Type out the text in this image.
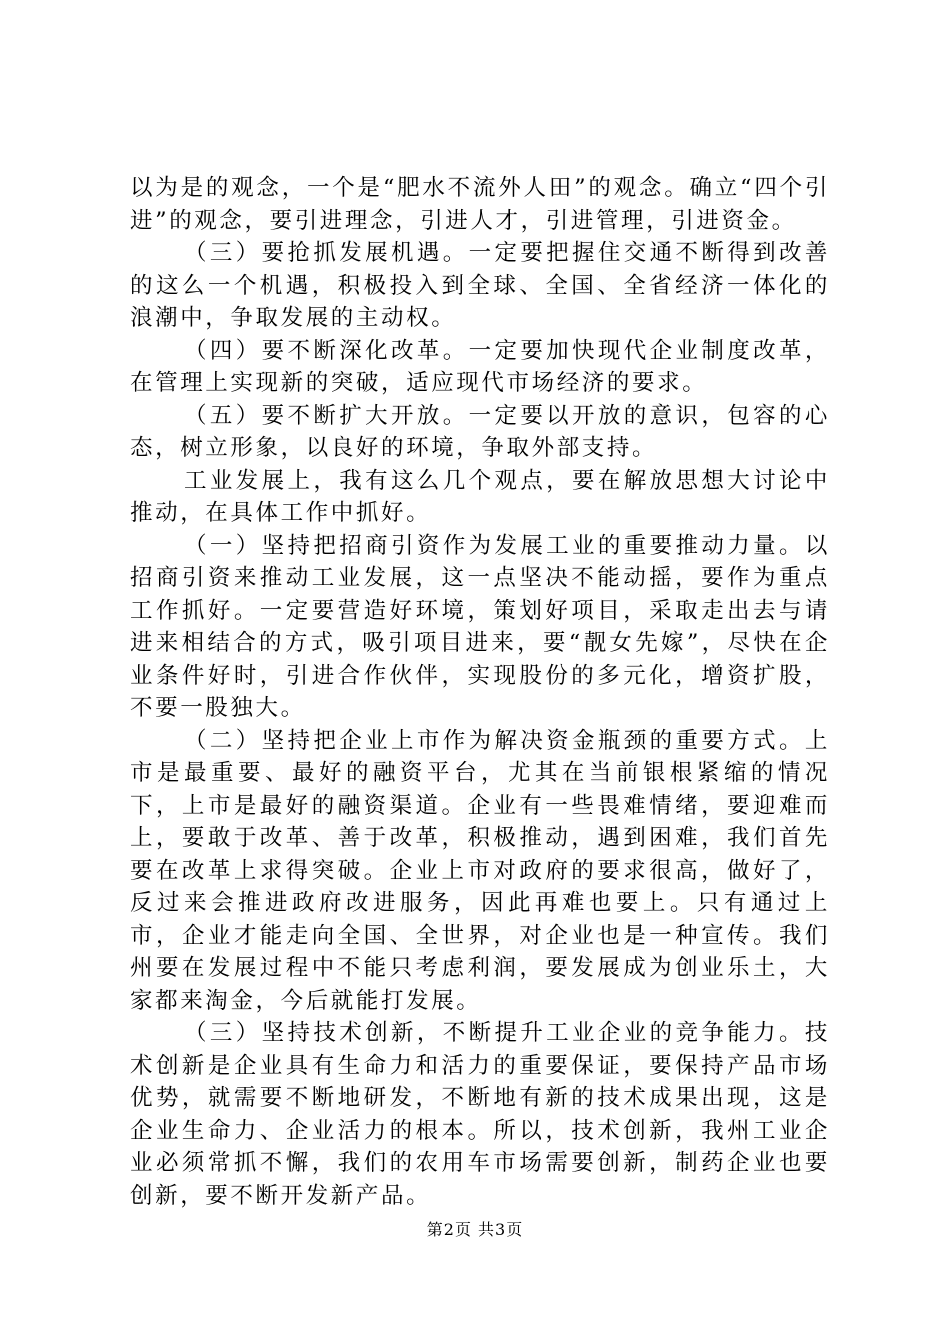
以为是的观念，一个是“肥水不流外人田”的观念。确立“四个引进”的观念，要引进理念，引进人才，引进管理，引进资金。

（三）要抢抓发展机遇。一定要把握住交通不断得到改善的这么一个机遇，积极投入到全球、全国、全省经济一体化的浪潮中，争取发展的主动权。

（四）要不断深化改革。一定要加快现代企业制度改革，在管理上实现新的突破，适应现代市场经济的要求。

（五）要不断扩大开放。一定要以开放的意识，包容的心态，树立形象，以良好的环境，争取外部支持。

工业发展上，我有这么几个观点，要在解放思想大讨论中推动，在具体工作中抓好。

（一）坚持把招商引资作为发展工业的重要推动力量。以招商引资来推动工业发展，这一点坚决不能动摇，要作为重点工作抓好。一定要营造好环境，策划好项目，采取走出去与请进来相结合的方式，吸引项目进来，要“靓女先嫁”，尽快在企业条件好时，引进合作伙伴，实现股份的多元化，增资扩股，不要一股独大。

（二）坚持把企业上市作为解决资金瓶颈的重要方式。上市是最重要、最好的融资平台，尤其在当前银根紧缩的情况下，上市是最好的融资渠道。企业有一些畏难情绪，要迎难而上，要敢于改革、善于改革，积极推动，遇到困难，我们首先要在改革上求得突破。企业上市对政府的要求很高，做好了，反过来会推进政府改进服务，因此再难也要上。只有通过上市，企业才能走向全国、全世界，对企业也是一种宣传。我们州要在发展过程中不能只考虑利润，要发展成为创业乐土，大家都来淘金，今后就能打发展。

（三）坚持技术创新，不断提升工业企业的竞争能力。技术创新是企业具有生命力和活力的重要保证，要保持产品市场优势，就需要不断地研发，不断地有新的技术成果出现，这是企业生命力、企业活力的根本。所以，技术创新，我州工业企业必须常抓不懈，我们的农用车市场需要创新，制药企业也要创新，要不断开发新产品。

第2页 共3页
